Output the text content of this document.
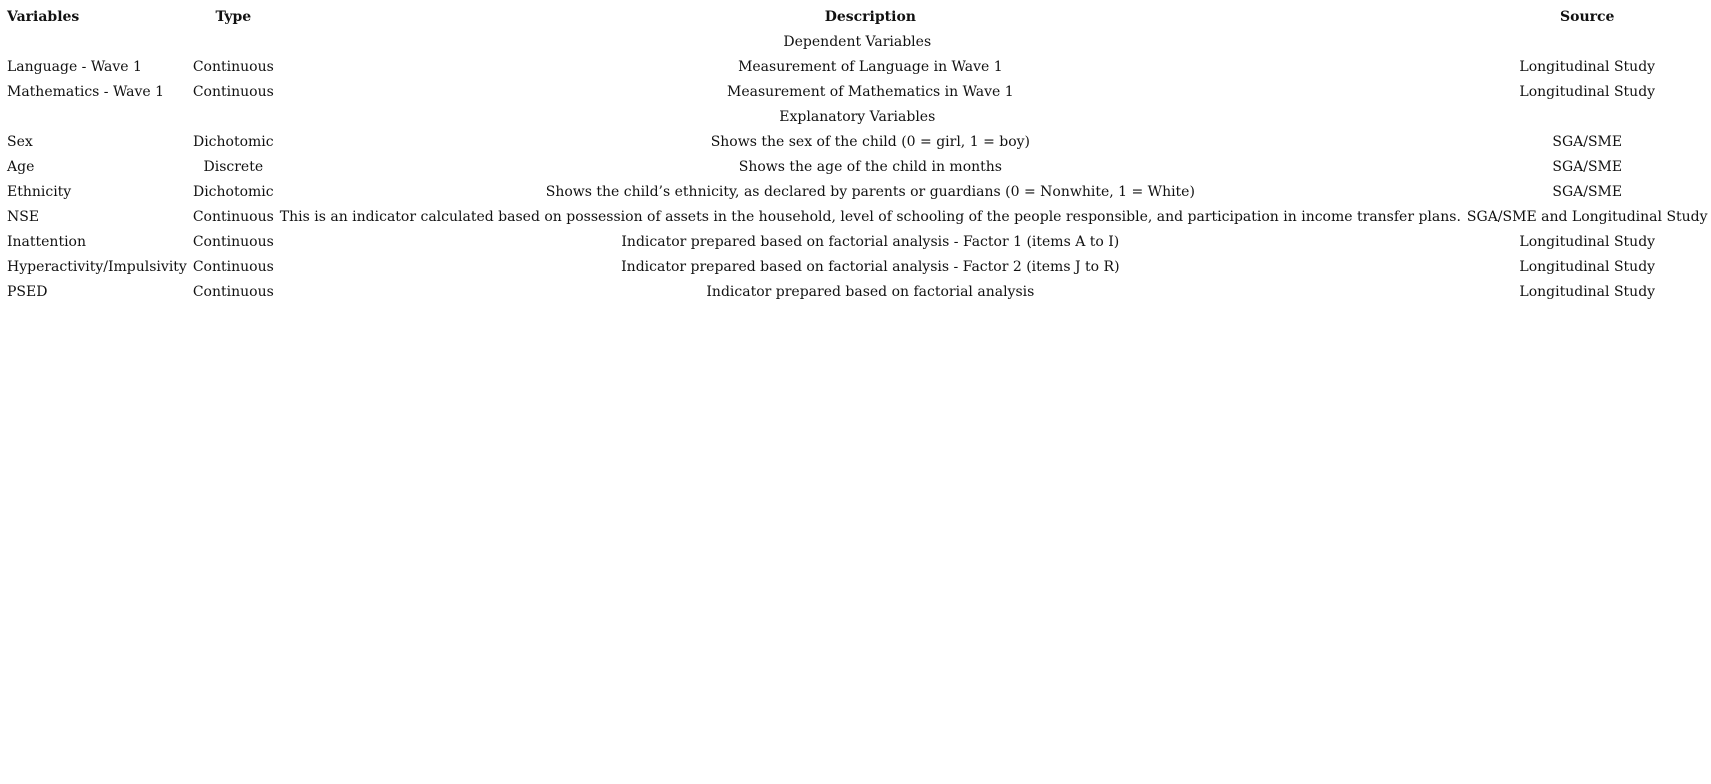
Variables	Type	Description	Source
Dependent Variables			
Language - Wave 1	Continuous	Measurement of Language in Wave 1	Longitudinal Study
Mathematics - Wave 1	Continuous	Measurement of Mathematics in Wave 1	Longitudinal Study
Explanatory Variables			
Sex	Dichotomic	Shows the sex of the child (0 = girl, 1 = boy)	SGA/SME
Age	Discrete	Shows the age of the child in months	SGA/SME
Ethnicity	Dichotomic	Shows the child’s ethnicity, as declared by parents or guardians (0 = Nonwhite, 1 = White)	SGA/SME
NSE	Continuous	This is an indicator calculated based on possession of assets in the household, level of schooling of the people responsible, and participation in income transfer plans.	SGA/SME and Longitudinal Study
Inattention	Continuous	Indicator prepared based on factorial analysis - Factor 1 (items A to I)	Longitudinal Study
Hyperactivity/Impulsivity	Continuous	Indicator prepared based on factorial analysis - Factor 2 (items J to R)	Longitudinal Study
PSED	Continuous	Indicator prepared based on factorial analysis	Longitudinal Study
